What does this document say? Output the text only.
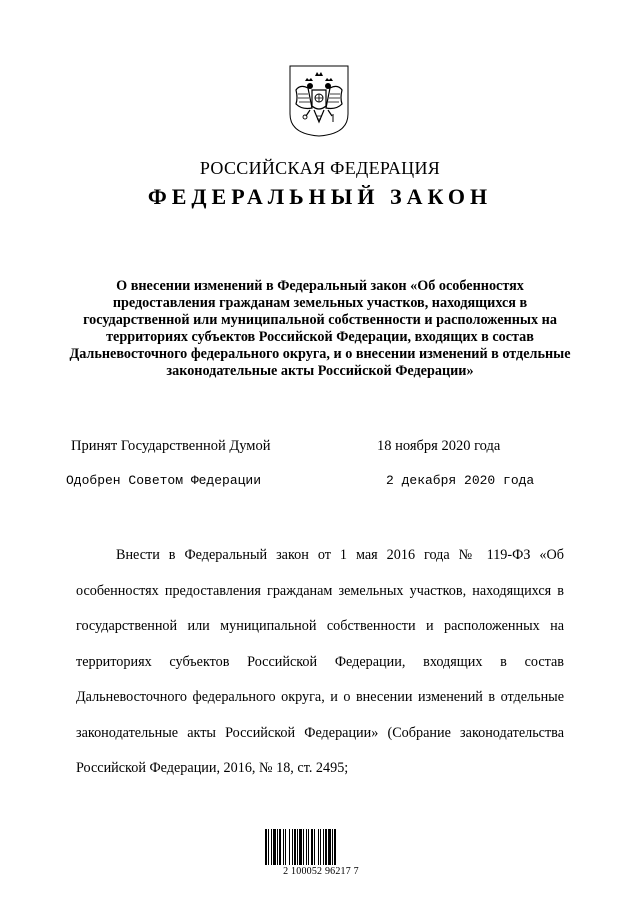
РОССИЙСКАЯ ФЕДЕРАЦИЯ
ФЕДЕРАЛЬНЫЙ ЗАКОН
О внесении изменений в Федеральный закон «Об особенностях предоставления гражданам земельных участков, находящихся в государственной или муниципальной собственности и расположенных на территориях субъектов Российской Федерации, входящих в состав Дальневосточного федерального округа, и о внесении изменений в отдельные законодательные акты Российской Федерации»
Принят Государственной Думой	18 ноября 2020 года
Одобрен Советом Федерации	2 декабря 2020 года

Внести в Федеральный закон от 1 мая 2016 года № 119-ФЗ «Об особенностях предоставления гражданам земельных участков, находящихся в государственной или муниципальной собственности и расположенных на территориях субъектов Российской Федерации, входящих в состав Дальневосточного федерального округа, и о внесении изменений в отдельные законодательные акты Российской Федерации» (Собрание законодательства Российской Федерации, 2016, № 18, ст. 2495;

2 100052 96217 7
